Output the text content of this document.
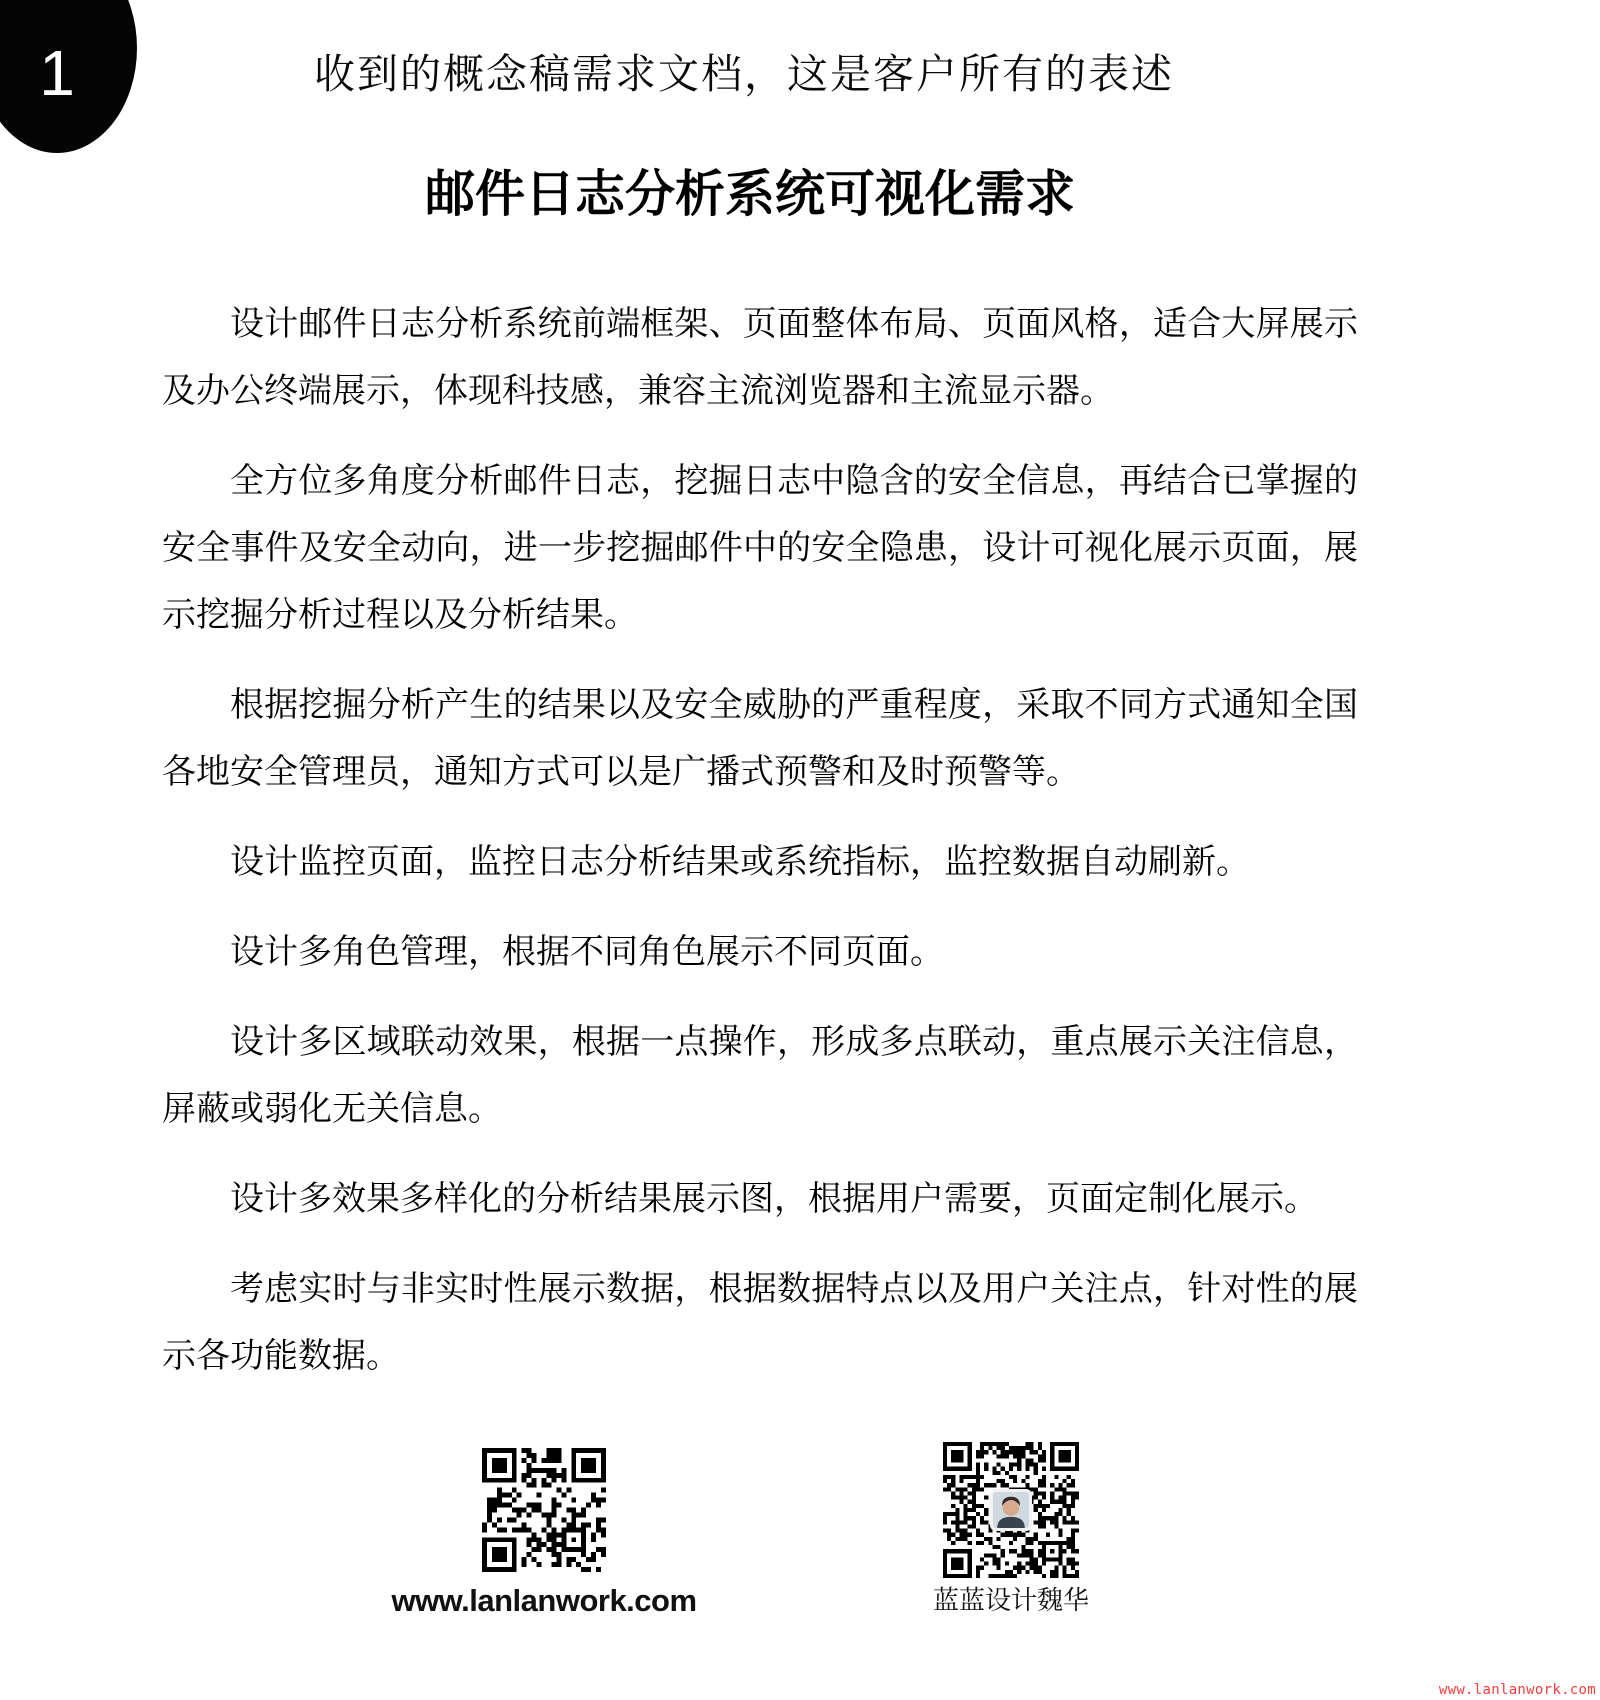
1	收到的概念稿需求文档，这是客户所有的表述
邮件日志分析系统可视化需求

设计邮件日志分析系统前端框架、页面整体布局、页面风格，适合大屏展示及办公终端展示，体现科技感，兼容主流浏览器和主流显示器。

全方位多角度分析邮件日志，挖掘日志中隐含的安全信息，再结合已掌握的安全事件及安全动向，进一步挖掘邮件中的安全隐患，设计可视化展示页面，展示挖掘分析过程以及分析结果。

根据挖掘分析产生的结果以及安全威胁的严重程度，采取不同方式通知全国各地安全管理员，通知方式可以是广播式预警和及时预警等。

设计监控页面，监控日志分析结果或系统指标，监控数据自动刷新。

设计多角色管理，根据不同角色展示不同页面。

设计多区域联动效果，根据一点操作，形成多点联动，重点展示关注信息，屏蔽或弱化无关信息。

设计多效果多样化的分析结果展示图，根据用户需要，页面定制化展示。

考虑实时与非实时性展示数据，根据数据特点以及用户关注点，针对性的展示各功能数据。

www.lanlanwork.com	蓝蓝设计魏华
www.lanlanwork.com
